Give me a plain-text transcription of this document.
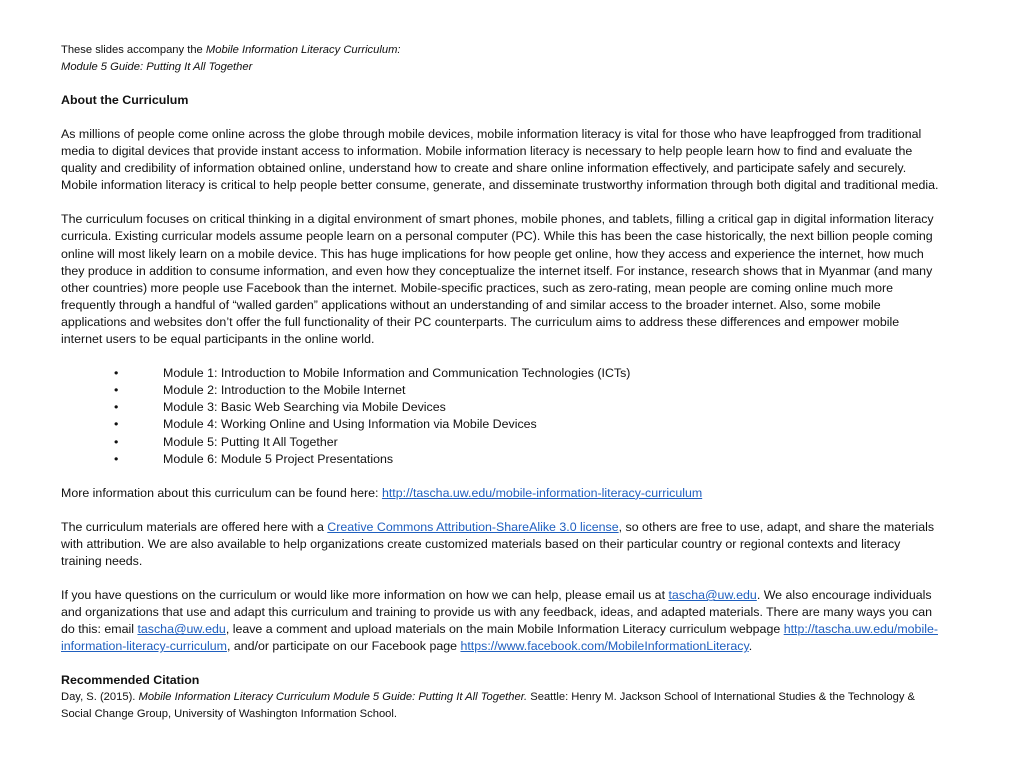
These slides accompany the Mobile Information Literacy Curriculum:
Module 5 Guide: Putting It All Together
About the Curriculum
As millions of people come online across the globe through mobile devices, mobile information literacy is vital for those who have leapfrogged from traditional media to digital devices that provide instant access to information. Mobile information literacy is necessary to help people learn how to find and evaluate the quality and credibility of information obtained online, understand how to create and share online information effectively, and participate safely and securely. Mobile information literacy is critical to help people better consume, generate, and disseminate trustworthy information through both digital and traditional media.
The curriculum focuses on critical thinking in a digital environment of smart phones, mobile phones, and tablets, filling a critical gap in digital information literacy curricula. Existing curricular models assume people learn on a personal computer (PC). While this has been the case historically, the next billion people coming online will most likely learn on a mobile device. This has huge implications for how people get online, how they access and experience the internet, how much they produce in addition to consume information, and even how they conceptualize the internet itself. For instance, research shows that in Myanmar (and many other countries) more people use Facebook than the internet. Mobile-specific practices, such as zero-rating, mean people are coming online much more frequently through a handful of “walled garden” applications without an understanding of and similar access to the broader internet. Also, some mobile applications and websites don’t offer the full functionality of their PC counterparts. The curriculum aims to address these differences and empower mobile internet users to be equal participants in the online world.
•	Module 1: Introduction to Mobile Information and Communication Technologies (ICTs)
•	Module 2: Introduction to the Mobile Internet
•	Module 3: Basic Web Searching via Mobile Devices
•	Module 4: Working Online and Using Information via Mobile Devices
•	Module 5: Putting It All Together
•	Module 6: Module 5 Project Presentations
More information about this curriculum can be found here: http://tascha.uw.edu/mobile-information-literacy-curriculum
The curriculum materials are offered here with a Creative Commons Attribution-ShareAlike 3.0 license, so others are free to use, adapt, and share the materials with attribution. We are also available to help organizations create customized materials based on their particular country or regional contexts and literacy training needs.
If you have questions on the curriculum or would like more information on how we can help, please email us at tascha@uw.edu. We also encourage individuals and organizations that use and adapt this curriculum and training to provide us with any feedback, ideas, and adapted materials. There are many ways you can do this: email tascha@uw.edu, leave a comment and upload materials on the main Mobile Information Literacy curriculum webpage http://tascha.uw.edu/mobile-information-literacy-curriculum, and/or participate on our Facebook page https://www.facebook.com/MobileInformationLiteracy.
Recommended Citation
Day, S. (2015). Mobile Information Literacy Curriculum Module 5 Guide: Putting It All Together. Seattle: Henry M. Jackson School of International Studies & the Technology & Social Change Group, University of Washington Information School.
